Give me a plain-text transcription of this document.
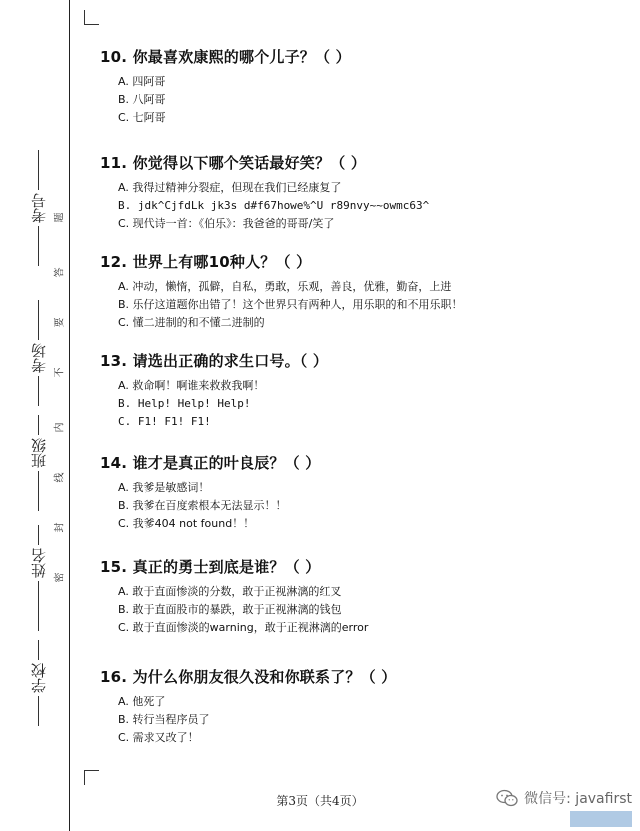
考号
考场
班级
姓名
学校
题
答
要
不
内
线
封
密
10. 你最喜欢康熙的哪个儿子？（ ）
A. 四阿哥
B. 八阿哥
C. 七阿哥
11. 你觉得以下哪个笑话最好笑？（ ）
A. 我得过精神分裂症，但现在我们已经康复了
B. jdk^CjfdLk jk3s d#f67howe%^U r89nvy~~owmc63^
C. 现代诗一首：《伯乐》：我爸爸的哥哥/笑了
12. 世界上有哪10种人？（ ）
A. 冲动，懒惰，孤僻，自私，勇敢，乐观，善良，优雅，勤奋，上进
B. 乐仔这道题你出错了！这个世界只有两种人，用乐职的和不用乐职！
C. 懂二进制的和不懂二进制的
13. 请选出正确的求生口号。（ ）
A. 救命啊！啊谁来救救我啊！
B. Help! Help! Help!
C. F1! F1! F1!
14. 谁才是真正的叶良辰？（ ）
A. 我爹是敏感词！
B. 我爹在百度索根本无法显示！！
C. 我爹404 not found！！
15. 真正的勇士到底是谁？（ ）
A. 敢于直面惨淡的分数，敢于正视淋漓的红叉
B. 敢于直面股市的暴跌，敢于正视淋漓的钱包
C. 敢于直面惨淡的warning，敢于正视淋漓的error
16. 为什么你朋友很久没和你联系了？（ ）
A. 他死了
B. 转行当程序员了
C. 需求又改了！
第3页（共4页）	微信号: javafirst
